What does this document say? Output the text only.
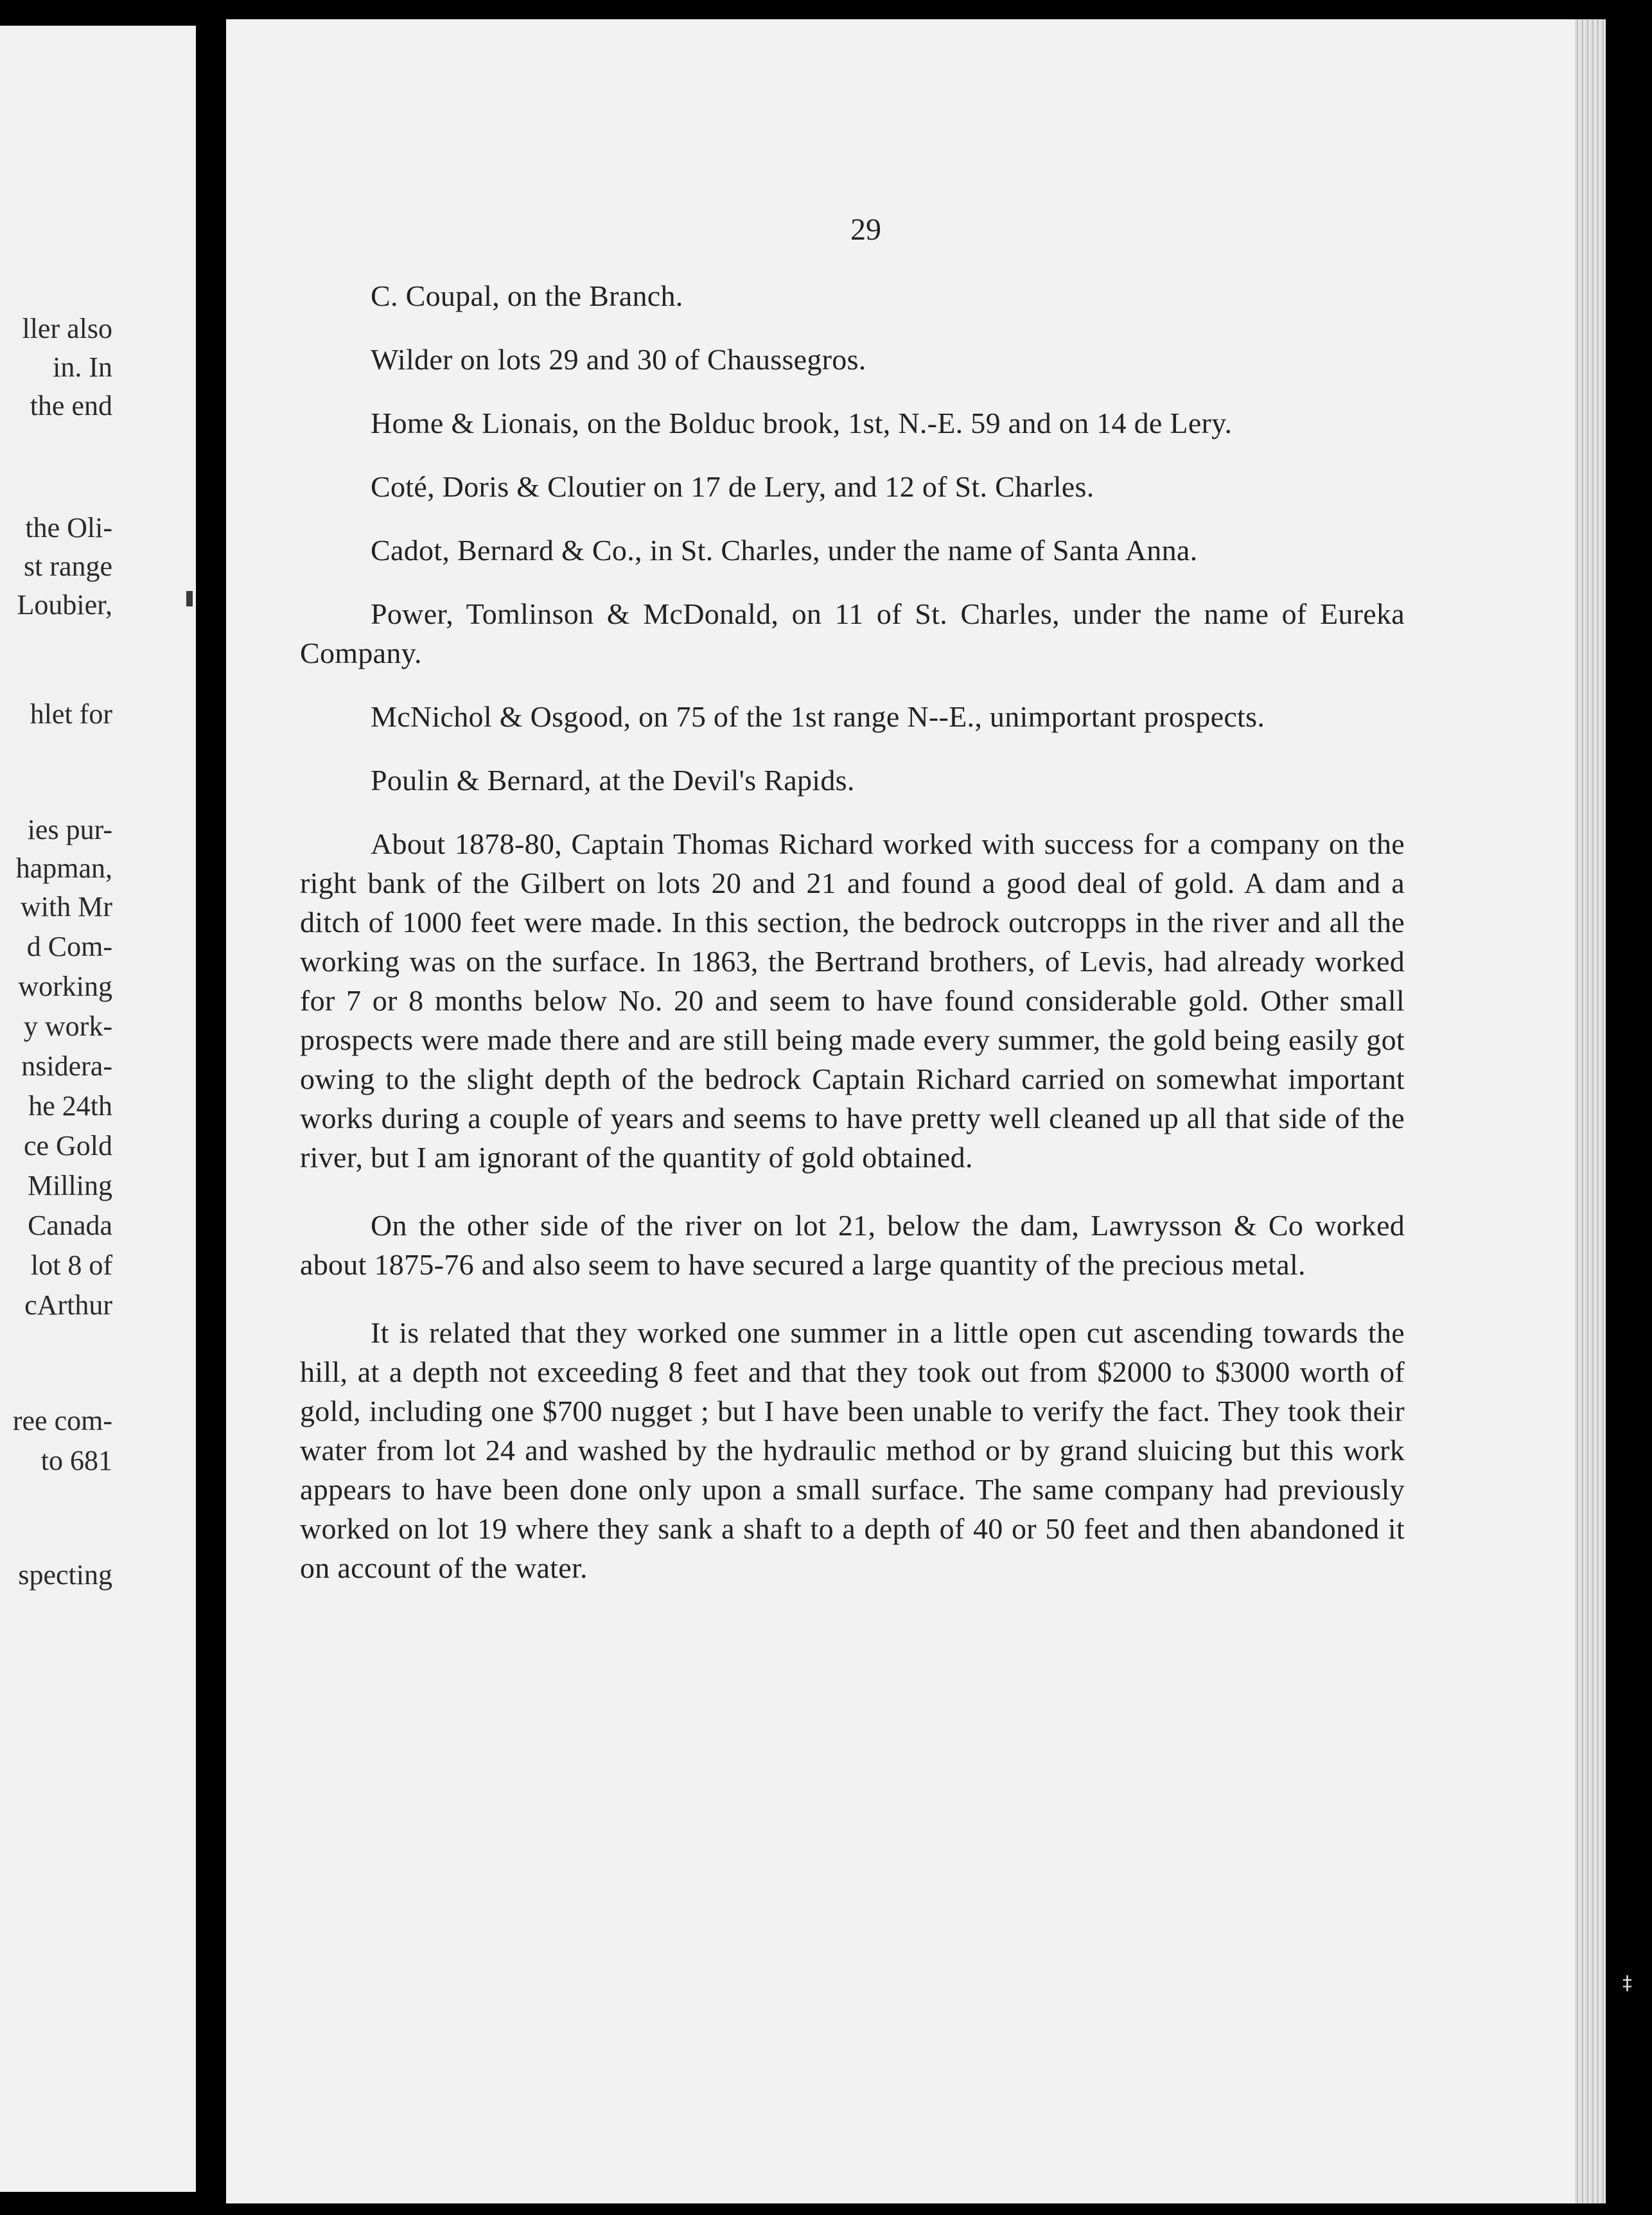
ller also
in. In
the end
the Oli-
st range
Loubier,
hlet for
ies pur-
hapman,
with Mr
d Com-
working
y work-
nsidera-
he 24th
ce Gold
Milling
Canada
lot 8 of
cArthur
ree com-
to 681
specting
29

C. Coupal, on the Branch.

Wilder on lots 29 and 30 of Chaussegros.

Home & Lionais, on the Bolduc brook, 1st, N.-E. 59 and on 14 de Lery.

Coté, Doris & Cloutier on 17 de Lery, and 12 of St. Charles.

Cadot, Bernard & Co., in St. Charles, under the name of Santa Anna.

Power, Tomlinson & McDonald, on 11 of St. Charles, under the name of Eureka Company.

McNichol & Osgood, on 75 of the 1st range N--E., unimportant prospects.

Poulin & Bernard, at the Devil's Rapids.

About 1878-80, Captain Thomas Richard worked with success for a company on the right bank of the Gilbert on lots 20 and 21 and found a good deal of gold. A dam and a ditch of 1000 feet were made. In this section, the bedrock outcropps in the river and all the working was on the surface. In 1863, the Bertrand brothers, of Levis, had already worked for 7 or 8 months below No. 20 and seem to have found considerable gold. Other small prospects were made there and are still being made every summer, the gold being easily got owing to the slight depth of the bedrock Captain Richard carried on somewhat important works during a couple of years and seems to have pretty well cleaned up all that side of the river, but I am ignorant of the quantity of gold obtained.

On the other side of the river on lot 21, below the dam, Lawrysson & Co worked about 1875-76 and also seem to have secured a large quantity of the precious metal.

It is related that they worked one summer in a little open cut ascending towards the hill, at a depth not exceeding 8 feet and that they took out from $2000 to $3000 worth of gold, including one $700 nugget ; but I have been unable to verify the fact. They took their water from lot 24 and washed by the hydraulic method or by grand sluicing but this work appears to have been done only upon a small surface. The same company had previously worked on lot 19 where they sank a shaft to a depth of 40 or 50 feet and then abandoned it on account of the water.

‡
